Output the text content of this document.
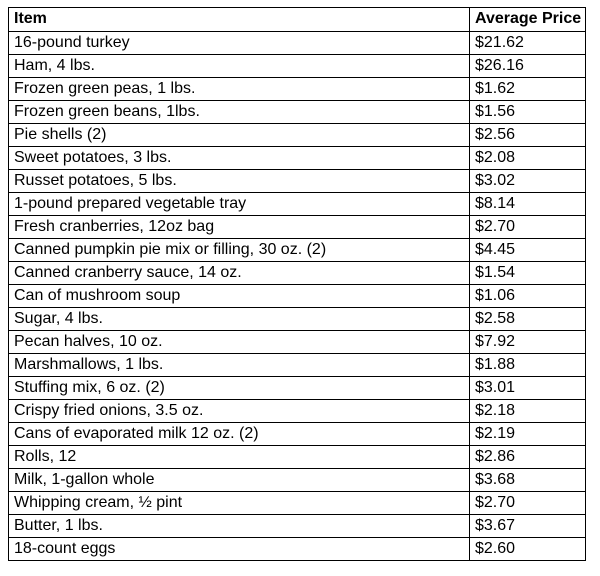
Item	Average Price
16-pound turkey	$21.62
Ham, 4 lbs.	$26.16
Frozen green peas, 1 lbs.	$1.62
Frozen green beans, 1lbs.	$1.56
Pie shells (2)	$2.56
Sweet potatoes, 3 lbs.	$2.08
Russet potatoes, 5 lbs.	$3.02
1-pound prepared vegetable tray	$8.14
Fresh cranberries, 12oz bag	$2.70
Canned pumpkin pie mix or filling, 30 oz. (2)	$4.45
Canned cranberry sauce, 14 oz.	$1.54
Can of mushroom soup	$1.06
Sugar, 4 lbs.	$2.58
Pecan halves, 10 oz.	$7.92
Marshmallows, 1 lbs.	$1.88
Stuffing mix, 6 oz. (2)	$3.01
Crispy fried onions, 3.5 oz.	$2.18
Cans of evaporated milk 12 oz. (2)	$2.19
Rolls, 12	$2.86
Milk, 1-gallon whole	$3.68
Whipping cream, ½ pint	$2.70
Butter, 1 lbs.	$3.67
18-count eggs	$2.60
